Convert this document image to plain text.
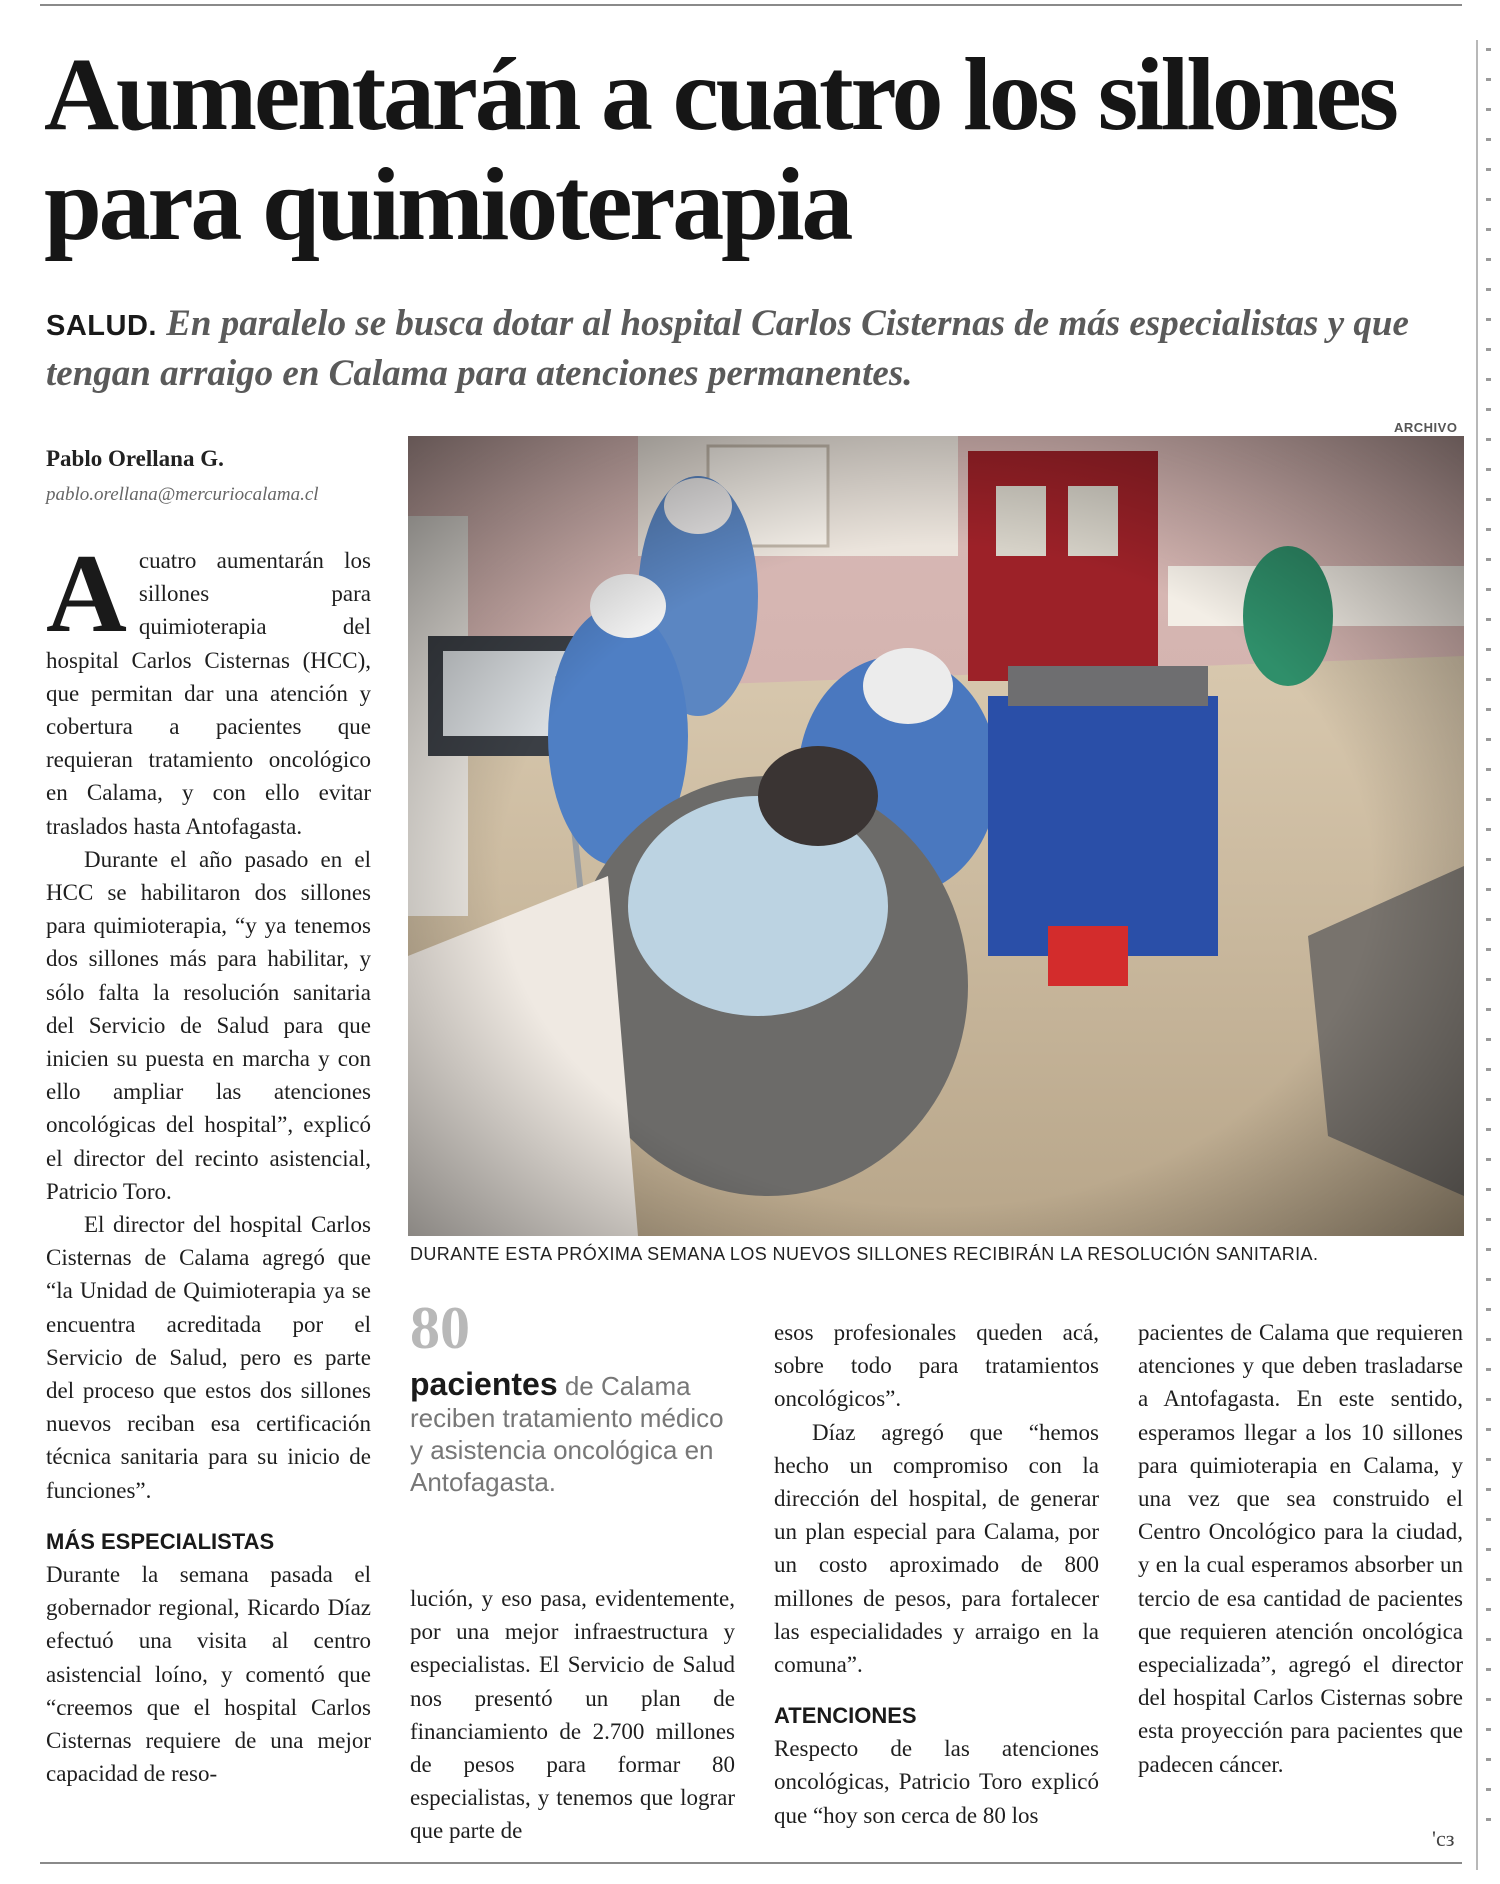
Aumentarán a cuatro los sillones para quimioterapia
SALUD. En paralelo se busca dotar al hospital Carlos Cisternas de más especialistas y que tengan arraigo en Calama para atenciones permanentes.
Pablo Orellana G.
pablo.orellana@mercuriocalama.cl

Acuatro aumentarán los sillones para quimioterapia del hospital Carlos Cisternas (HCC), que permitan dar una atención y cobertura a pacientes que requieran tratamiento oncológico en Calama, y con ello evitar traslados hasta Antofagasta.

Durante el año pasado en el HCC se habilitaron dos sillones para quimioterapia, “y ya tenemos dos sillones más para habilitar, y sólo falta la resolución sanitaria del Servicio de Salud para que inicien su puesta en marcha y con ello ampliar las atenciones oncológicas del hospital”, explicó el director del recinto asistencial, Patricio Toro.

El director del hospital Carlos Cisternas de Calama agregó que “la Unidad de Quimioterapia ya se encuentra acreditada por el Servicio de Salud, pero es parte del proceso que estos dos sillones nuevos reciban esa certificación técnica sanitaria para su inicio de funciones”.

MÁS ESPECIALISTAS

Durante la semana pasada el gobernador regional, Ricardo Díaz efectuó una visita al centro asistencial loíno, y comentó que “creemos que el hospital Carlos Cisternas requiere de una mejor capacidad de reso-

ARCHIVO
DURANTE ESTA PRÓXIMA SEMANA LOS NUEVOS SILLONES RECIBIRÁN LA RESOLUCIÓN SANITARIA.
80
pacientes de Calama reciben tratamiento médico y asistencia oncológica en Antofagasta.

lución, y eso pasa, evidentemente, por una mejor infraestructura y especialistas. El Servicio de Salud nos presentó un plan de financiamiento de 2.700 millones de pesos para formar 80 especialistas, y tenemos que lograr que parte de

esos profesionales queden acá, sobre todo para tratamientos oncológicos”.

Díaz agregó que “hemos hecho un compromiso con la dirección del hospital, de generar un plan especial para Calama, por un costo aproximado de 800 millones de pesos, para fortalecer las especialidades y arraigo en la comuna”.

ATENCIONES

Respecto de las atenciones oncológicas, Patricio Toro explicó que “hoy son cerca de 80 los

pacientes de Calama que requieren atenciones y que deben trasladarse a Antofagasta. En este sentido, esperamos llegar a los 10 sillones para quimioterapia en Calama, y una vez que sea construido el Centro Oncológico para la ciudad, y en la cual esperamos absorber un tercio de esa cantidad de pacientes que requieren atención oncológica especializada”, agregó el director del hospital Carlos Cisternas sobre esta proyección para pacientes que padecen cáncer.

'cз
